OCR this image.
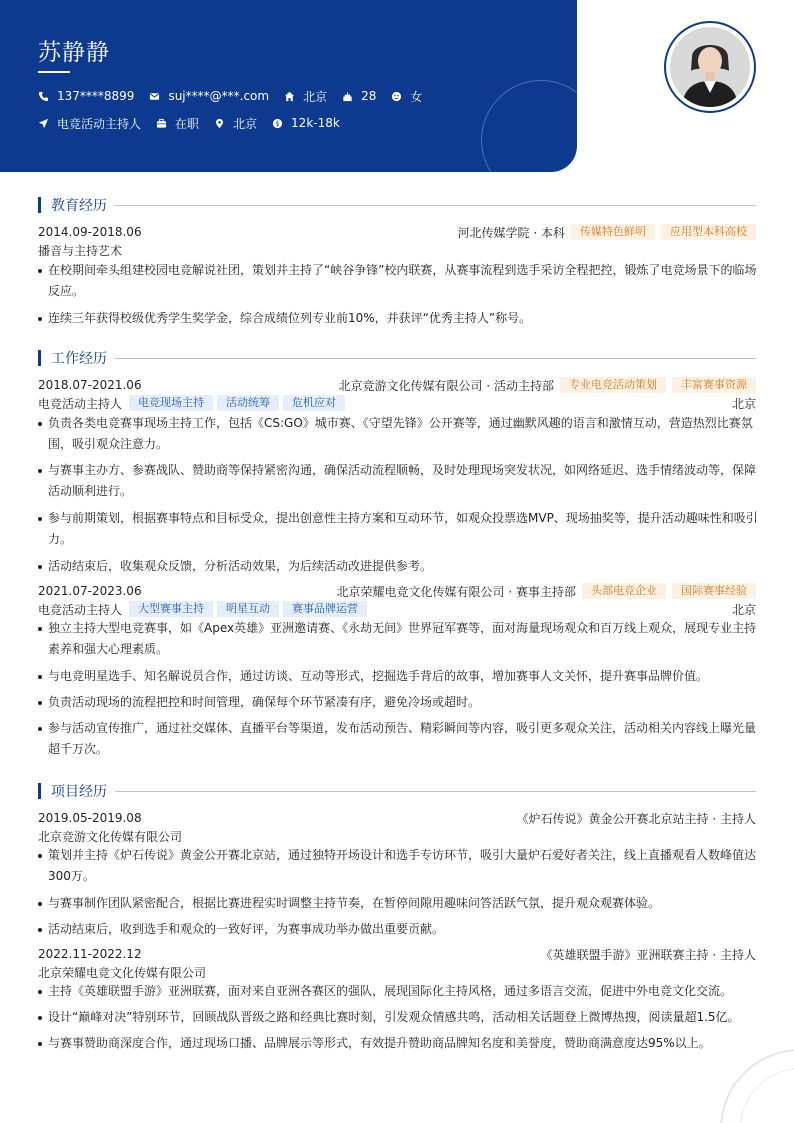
苏静静
137****8899	suj****@***.com	北京	28	女
电竞活动主持人	在职	北京 $ 12k-18k
教育经历
2014.09-2018.06	河北传媒学院 · 本科	传媒特色鲜明	应用型本科高校
播音与主持艺术
在校期间牵头组建校园电竞解说社团，策划并主持了“峡谷争锋”校内联赛，从赛事流程到选手采访全程把控，锻炼了电竞场景下的临场反应。
连续三年获得校级优秀学生奖学金，综合成绩位列专业前10%，并获评“优秀主持人”称号。
工作经历
2018.07-2021.06	北京竞游文化传媒有限公司 · 活动主持部	专业电竞活动策划	丰富赛事资源
电竞活动主持人	电竞现场主持	活动统筹	危机应对	北京
负责各类电竞赛事现场主持工作，包括《CS:GO》城市赛、《守望先锋》公开赛等，通过幽默风趣的语言和激情互动，营造热烈比赛氛围，吸引观众注意力。
与赛事主办方、参赛战队、赞助商等保持紧密沟通，确保活动流程顺畅，及时处理现场突发状况，如网络延迟、选手情绪波动等，保障活动顺利进行。
参与前期策划，根据赛事特点和目标受众，提出创意性主持方案和互动环节，如观众投票选MVP、现场抽奖等，提升活动趣味性和吸引力。
活动结束后，收集观众反馈，分析活动效果，为后续活动改进提供参考。
2021.07-2023.06	北京荣耀电竞文化传媒有限公司 · 赛事主持部	头部电竞企业	国际赛事经验
电竞活动主持人	大型赛事主持	明星互动	赛事品牌运营	北京
独立主持大型电竞赛事，如《Apex英雄》亚洲邀请赛、《永劫无间》世界冠军赛等，面对海量现场观众和百万线上观众，展现专业主持素养和强大心理素质。
与电竞明星选手、知名解说员合作，通过访谈、互动等形式，挖掘选手背后的故事，增加赛事人文关怀，提升赛事品牌价值。
负责活动现场的流程把控和时间管理，确保每个环节紧凑有序，避免冷场或超时。
参与活动宣传推广，通过社交媒体、直播平台等渠道，发布活动预告、精彩瞬间等内容，吸引更多观众关注，活动相关内容线上曝光量超千万次。
项目经历
2019.05-2019.08	《炉石传说》黄金公开赛北京站主持 · 主持人
北京竞游文化传媒有限公司
策划并主持《炉石传说》黄金公开赛北京站，通过独特开场设计和选手专访环节，吸引大量炉石爱好者关注，线上直播观看人数峰值达300万。
与赛事制作团队紧密配合，根据比赛进程实时调整主持节奏，在暂停间隙用趣味问答活跃气氛，提升观众观赛体验。
活动结束后，收到选手和观众的一致好评，为赛事成功举办做出重要贡献。
2022.11-2022.12	《英雄联盟手游》亚洲联赛主持 · 主持人
北京荣耀电竞文化传媒有限公司
主持《英雄联盟手游》亚洲联赛，面对来自亚洲各赛区的强队，展现国际化主持风格，通过多语言交流，促进中外电竞文化交流。
设计“巅峰对决”特别环节，回顾战队晋级之路和经典比赛时刻，引发观众情感共鸣，活动相关话题登上微博热搜，阅读量超1.5亿。
与赛事赞助商深度合作，通过现场口播、品牌展示等形式，有效提升赞助商品牌知名度和美誉度，赞助商满意度达95%以上。
